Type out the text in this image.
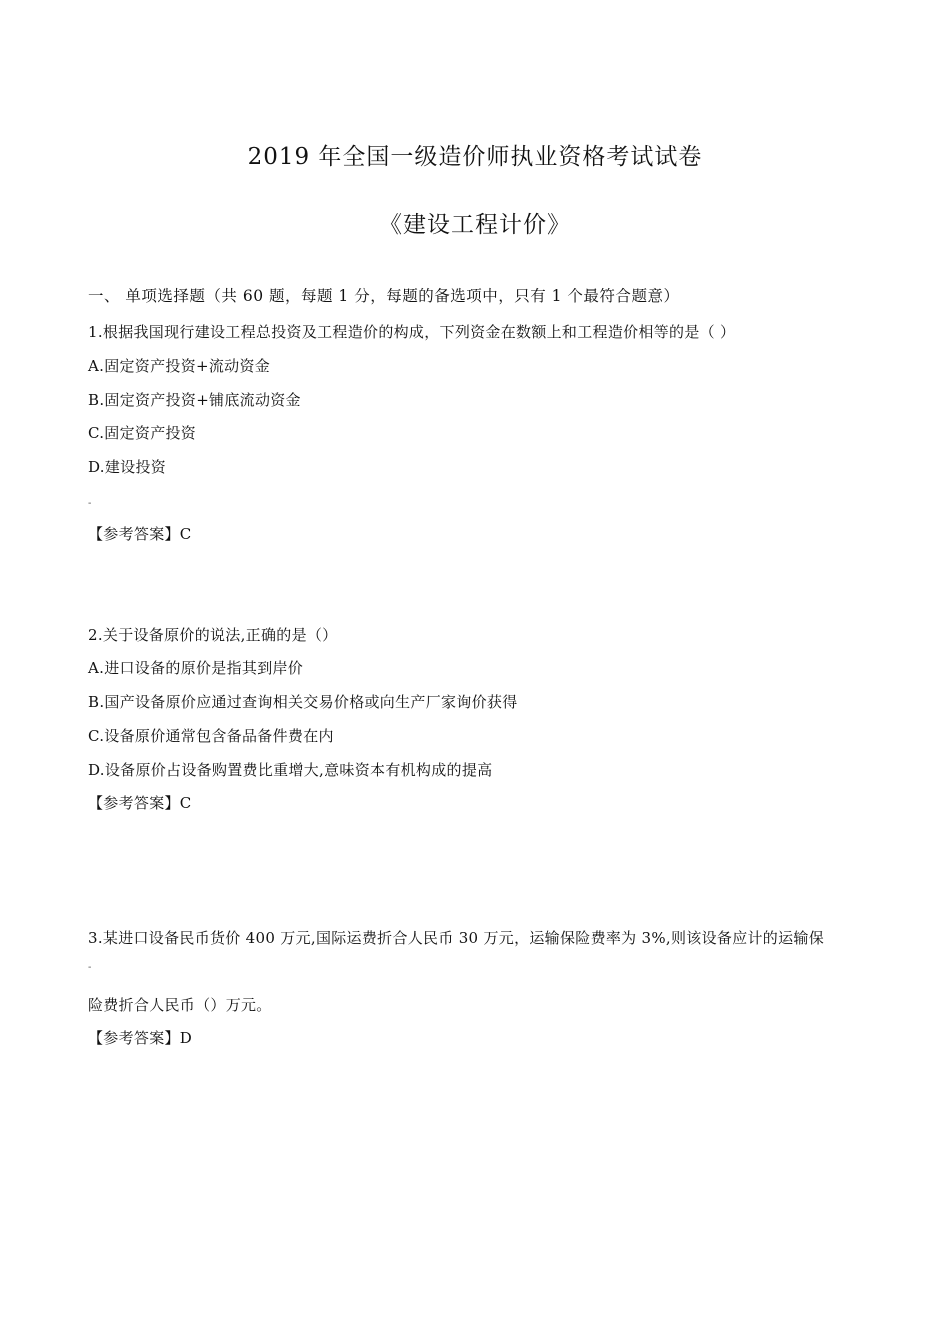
2019 年全国一级造价师执业资格考试试卷
《建设工程计价》
一、 单项选择题（共 60 题，每题 1 分，每题的备选项中，只有 1 个最符合题意）
1.根据我国现行建设工程总投资及工程造价的构成，下列资金在数额上和工程造价相等的是（ ）
A.固定资产投资+流动资金
B.固定资产投资+铺底流动资金
C.固定资产投资
D.建设投资
-
【参考答案】C
2.关于设备原价的说法,正确的是（）
A.进口设备的原价是指其到岸价
B.国产设备原价应通过查询相关交易价格或向生产厂家询价获得
C.设备原价通常包含备品备件费在内
D.设备原价占设备购置费比重增大,意味资本有机构成的提高
【参考答案】C
3.某进口设备民币货价 400 万元,国际运费折合人民币 30 万元，运输保险费率为 3%,则该设备应计的运输保
-
险费折合人民币（）万元。
【参考答案】D
